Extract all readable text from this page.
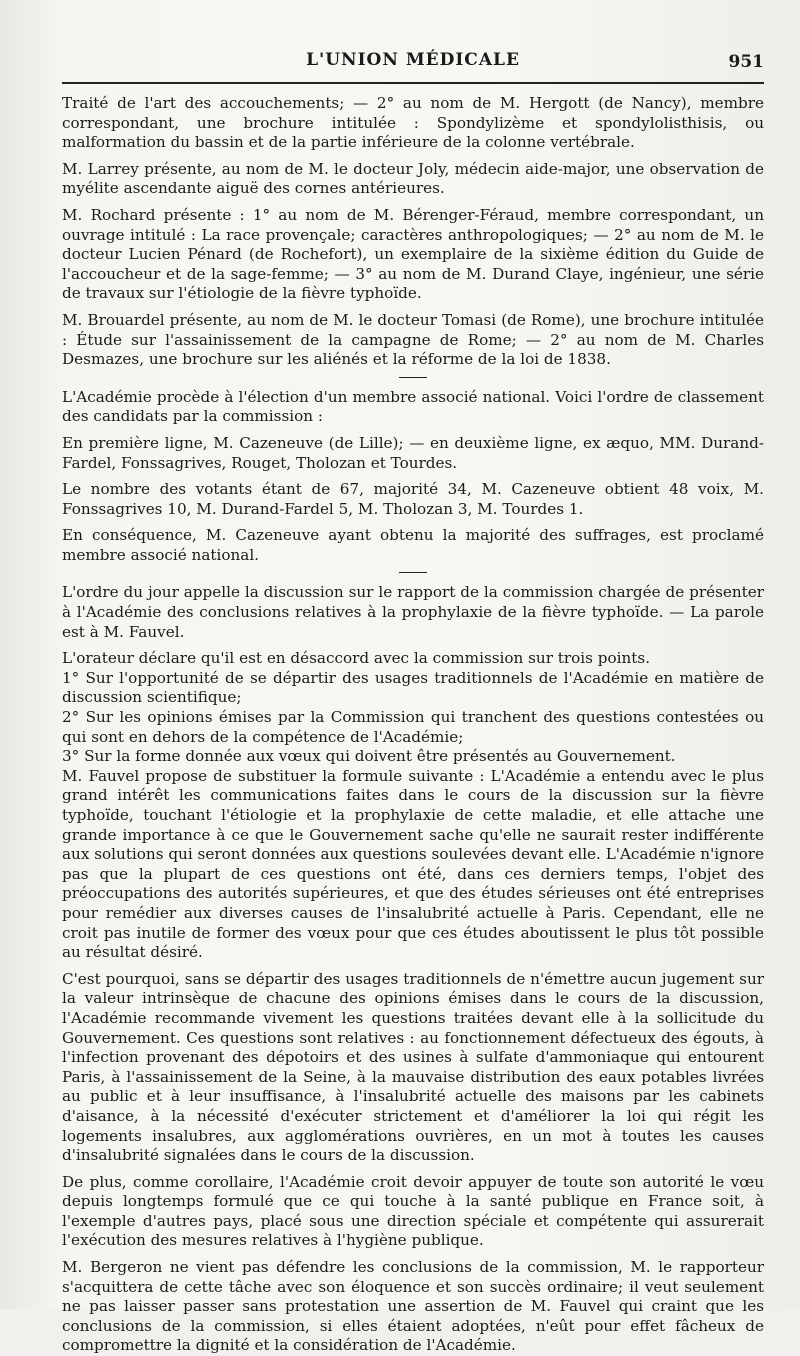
L'UNION MÉDICALE	951

Traité de l'art des accouchements; — 2° au nom de M. Hergott (de Nancy), membre correspondant, une brochure intitulée : Spondylizème et spondylolisthisis, ou malformation du bassin et de la partie inférieure de la colonne vertébrale.

M. Larrey présente, au nom de M. le docteur Joly, médecin aide-major, une observation de myélite ascendante aiguë des cornes antérieures.

M. Rochard présente : 1° au nom de M. Bérenger-Féraud, membre correspondant, un ouvrage intitulé : La race provençale; caractères anthropologiques; — 2° au nom de M. le docteur Lucien Pénard (de Rochefort), un exemplaire de la sixième édition du Guide de l'accoucheur et de la sage-femme; — 3° au nom de M. Durand Claye, ingénieur, une série de travaux sur l'étiologie de la fièvre typhoïde.

M. Brouardel présente, au nom de M. le docteur Tomasi (de Rome), une brochure intitulée : Étude sur l'assainissement de la campagne de Rome; — 2° au nom de M. Charles Desmazes, une brochure sur les aliénés et la réforme de la loi de 1838.

L'Académie procède à l'élection d'un membre associé national. Voici l'ordre de classement des candidats par la commission :

En première ligne, M. Cazeneuve (de Lille); — en deuxième ligne, ex æquo, MM. Durand-Fardel, Fonssagrives, Rouget, Tholozan et Tourdes.

Le nombre des votants étant de 67, majorité 34, M. Cazeneuve obtient 48 voix, M. Fonssagrives 10, M. Durand-Fardel 5, M. Tholozan 3, M. Tourdes 1.

En conséquence, M. Cazeneuve ayant obtenu la majorité des suffrages, est proclamé membre associé national.

L'ordre du jour appelle la discussion sur le rapport de la commission chargée de présenter à l'Académie des conclusions relatives à la prophylaxie de la fièvre typhoïde. — La parole est à M. Fauvel.

L'orateur déclare qu'il est en désaccord avec la commission sur trois points.

1° Sur l'opportunité de se départir des usages traditionnels de l'Académie en matière de discussion scientifique;

2° Sur les opinions émises par la Commission qui tranchent des questions contestées ou qui sont en dehors de la compétence de l'Académie;

3° Sur la forme donnée aux vœux qui doivent être présentés au Gouvernement.

M. Fauvel propose de substituer la formule suivante : L'Académie a entendu avec le plus grand intérêt les communications faites dans le cours de la discussion sur la fièvre typhoïde, touchant l'étiologie et la prophylaxie de cette maladie, et elle attache une grande importance à ce que le Gouvernement sache qu'elle ne saurait rester indifférente aux solutions qui seront données aux questions soulevées devant elle. L'Académie n'ignore pas que la plupart de ces questions ont été, dans ces derniers temps, l'objet des préoccupations des autorités supérieures, et que des études sérieuses ont été entreprises pour remédier aux diverses causes de l'insalubrité actuelle à Paris. Cependant, elle ne croit pas inutile de former des vœux pour que ces études aboutissent le plus tôt possible au résultat désiré.

C'est pourquoi, sans se départir des usages traditionnels de n'émettre aucun jugement sur la valeur intrinsèque de chacune des opinions émises dans le cours de la discussion, l'Académie recommande vivement les questions traitées devant elle à la sollicitude du Gouvernement. Ces questions sont relatives : au fonctionnement défectueux des égouts, à l'infection provenant des dépotoirs et des usines à sulfate d'ammoniaque qui entourent Paris, à l'assainissement de la Seine, à la mauvaise distribution des eaux potables livrées au public et à leur insuffisance, à l'insalubrité actuelle des maisons par les cabinets d'aisance, à la nécessité d'exécuter strictement et d'améliorer la loi qui régit les logements insalubres, aux agglomérations ouvrières, en un mot à toutes les causes d'insalubrité signalées dans le cours de la discussion.

De plus, comme corollaire, l'Académie croit devoir appuyer de toute son autorité le vœu depuis longtemps formulé que ce qui touche à la santé publique en France soit, à l'exemple d'autres pays, placé sous une direction spéciale et compétente qui assurerait l'exécution des mesures relatives à l'hygiène publique.

M. Bergeron ne vient pas défendre les conclusions de la commission, M. le rapporteur s'acquittera de cette tâche avec son éloquence et son succès ordinaire; il veut seulement ne pas laisser passer sans protestation une assertion de M. Fauvel qui craint que les conclusions de la commission, si elles étaient adoptées, n'eût pour effet fâcheux de compromettre la dignité et la considération de l'Académie.
